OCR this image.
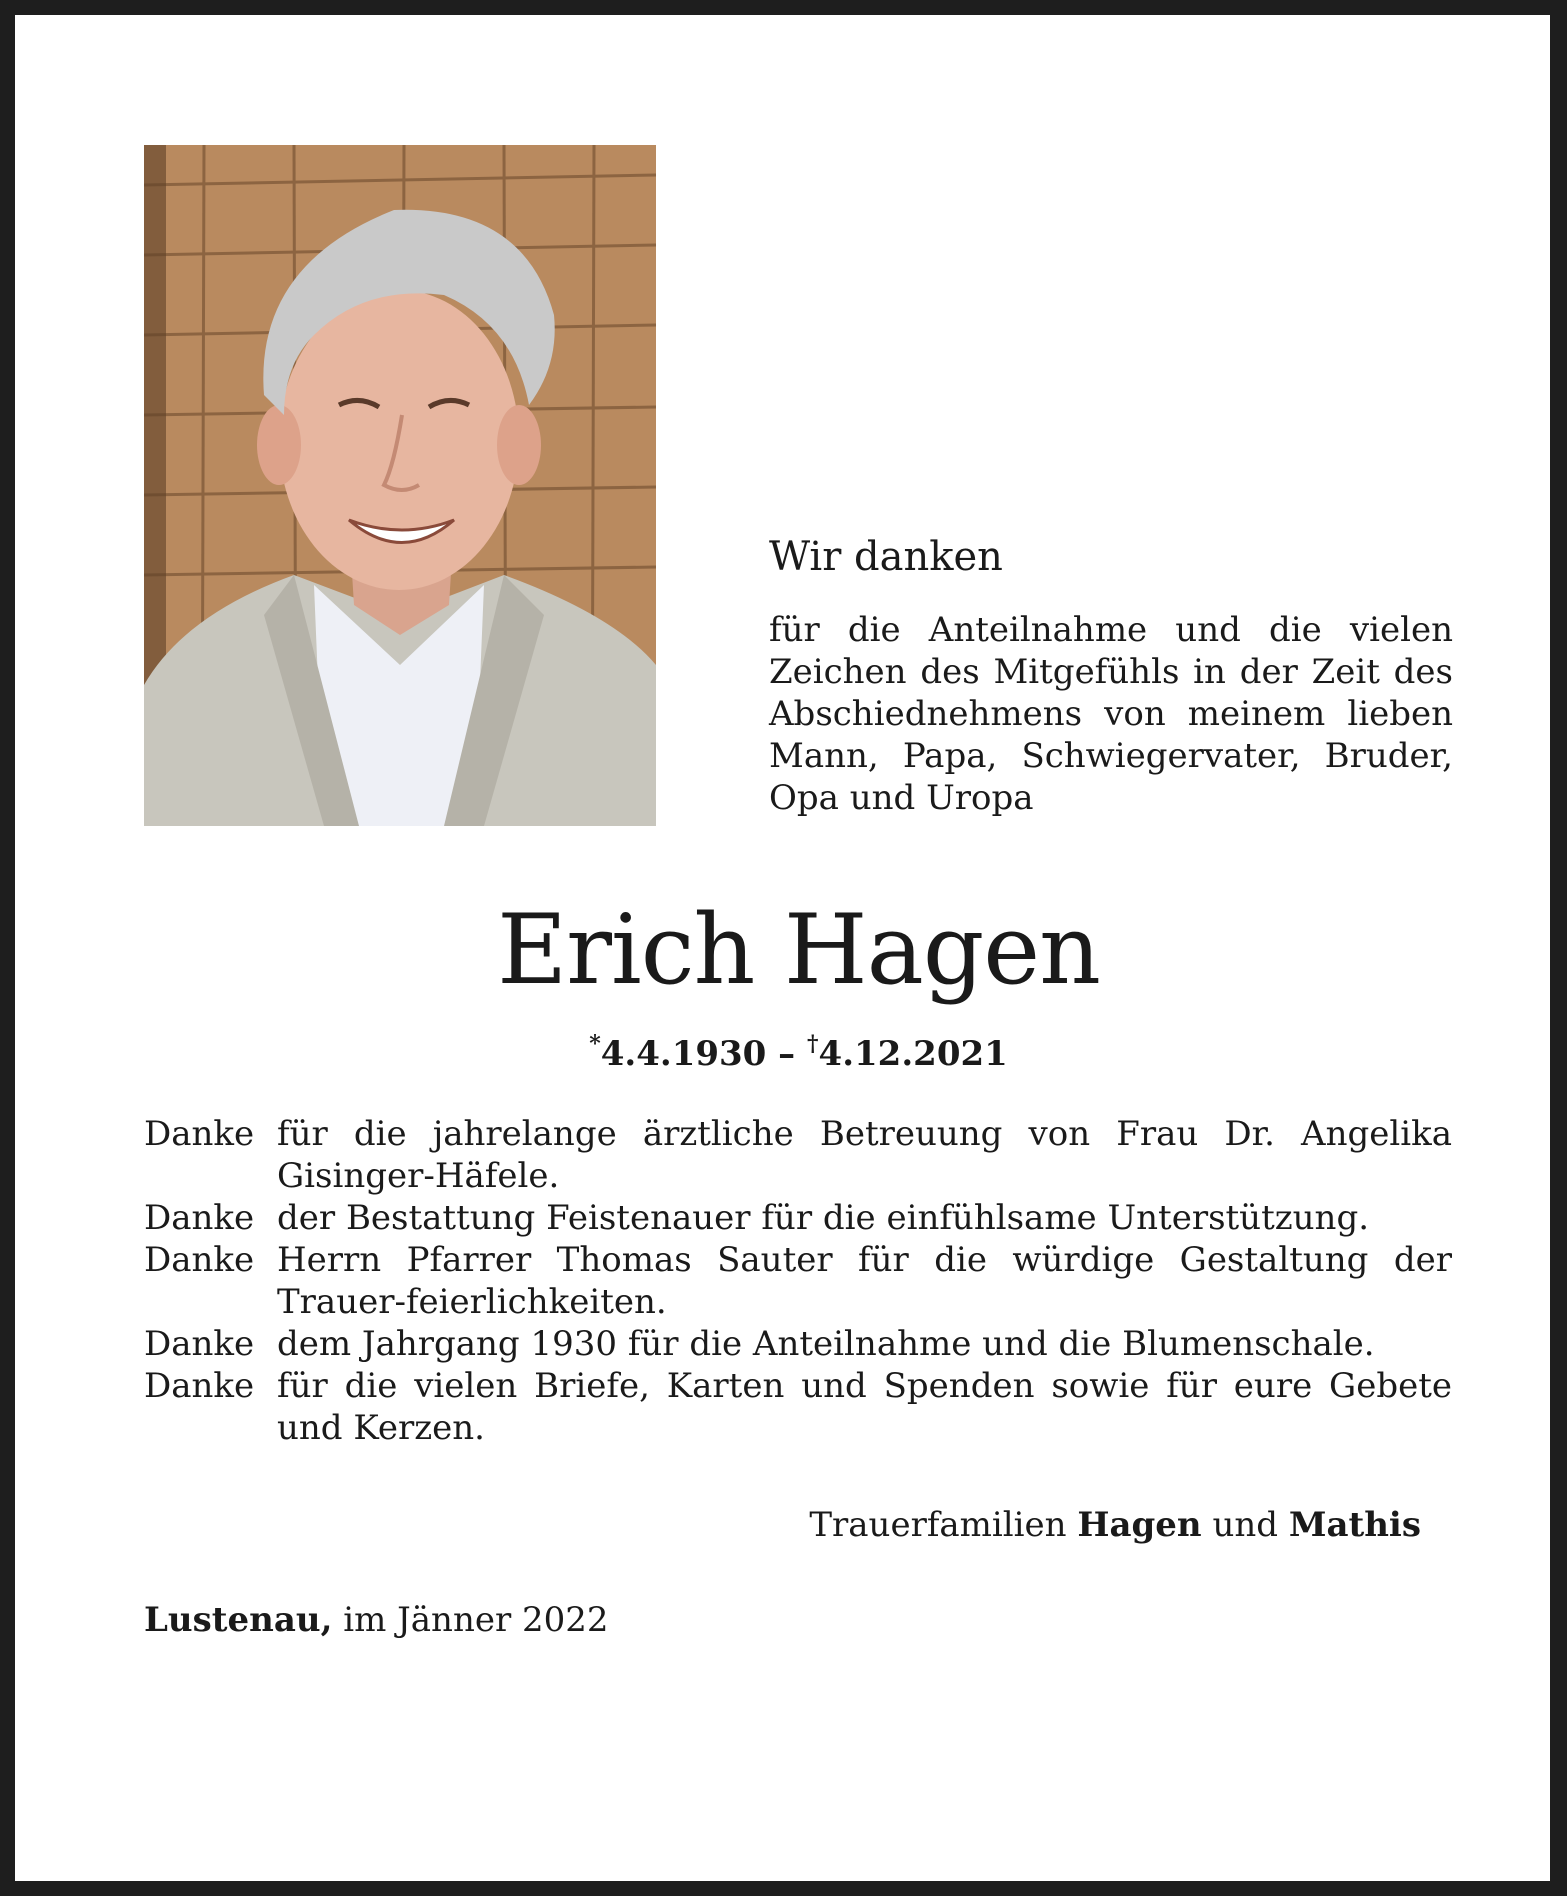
Wir danken

für die Anteilnahme und die vielen Zeichen des Mitgefühls in der Zeit des Abschiednehmens von meinem lieben Mann, Papa, Schwiegervater, Bruder, Opa und Uropa
Erich Hagen
*4.4.1930 – †4.12.2021
Danke für die jahrelange ärztliche Betreuung von Frau Dr. Angelika Gisinger-Häfele.
Danke der Bestattung Feistenauer für die einfühlsame Unterstützung.
Danke Herrn Pfarrer Thomas Sauter für die würdige Gestaltung der Trauer-feierlichkeiten.
Danke dem Jahrgang 1930 für die Anteilnahme und die Blumenschale.
Danke für die vielen Briefe, Karten und Spenden sowie für eure Gebete und Kerzen.
Trauerfamilien Hagen und Mathis
Lustenau, im Jänner 2022
